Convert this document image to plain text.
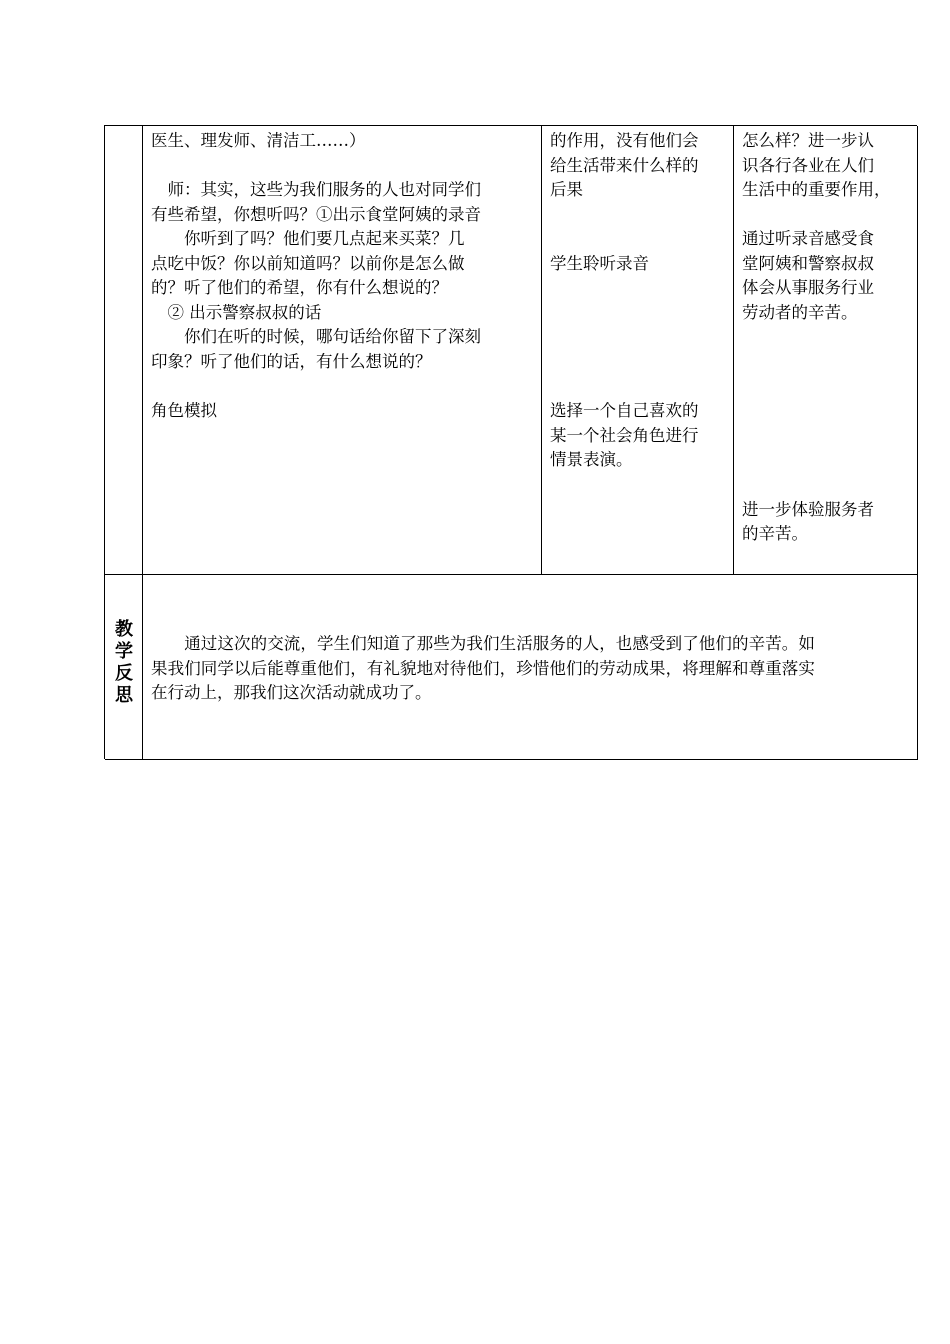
医生、理发师、清洁工……）
　师：其实，这些为我们服务的人也对同学们
有些希望，你想听吗？①出示食堂阿姨的录音
　　你听到了吗？他们要几点起来买菜？几
点吃中饭？你以前知道吗？以前你是怎么做
的？听了他们的希望，你有什么想说的？
　② 出示警察叔叔的话
　　你们在听的时候，哪句话给你留下了深刻
印象？听了他们的话，有什么想说的？
角色模拟
的作用，没有他们会
给生活带来什么样的
后果
学生聆听录音
选择一个自己喜欢的
某一个社会角色进行
情景表演。
怎么样？进一步认
识各行各业在人们
生活中的重要作用，
通过听录音感受食
堂阿姨和警察叔叔
体会从事服务行业
劳动者的辛苦。
进一步体验服务者
的辛苦。
教
学
反
思
　　通过这次的交流，学生们知道了那些为我们生活服务的人，也感受到了他们的辛苦。如
果我们同学以后能尊重他们，有礼貌地对待他们，珍惜他们的劳动成果，将理解和尊重落实
在行动上，那我们这次活动就成功了。
